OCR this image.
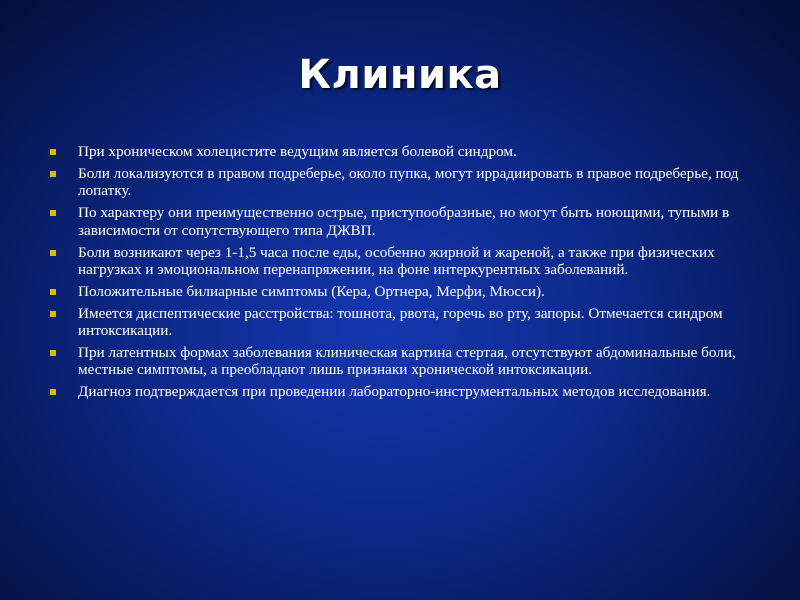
Клиника
При хроническом холецистите ведущим является болевой синдром.
Боли локализуются в правом подреберье, около пупка, могут иррадиировать в правое подреберье, под лопатку.
По характеру они преимущественно острые, приступообразные, но могут быть ноющими, тупыми в зависимости от сопутствующего типа ДЖВП.
Боли возникают через 1-1,5 часа после еды, особенно жирной и жареной, а также при физических нагрузках и эмоциональном перенапряжении, на фоне интеркурентных заболеваний.
Положительные билиарные симптомы (Кера, Ортнера, Мерфи, Мюсси).
Имеется диспептические расстройства: тошнота, рвота, горечь во рту, запоры. Отмечается синдром интоксикации.
При латентных формах заболевания клиническая картина стертая, отсутствуют абдоминальные боли, местные симптомы, а преобладают лишь признаки хронической интоксикации.
Диагноз подтверждается при проведении лабораторно-инструментальных методов исследования.
